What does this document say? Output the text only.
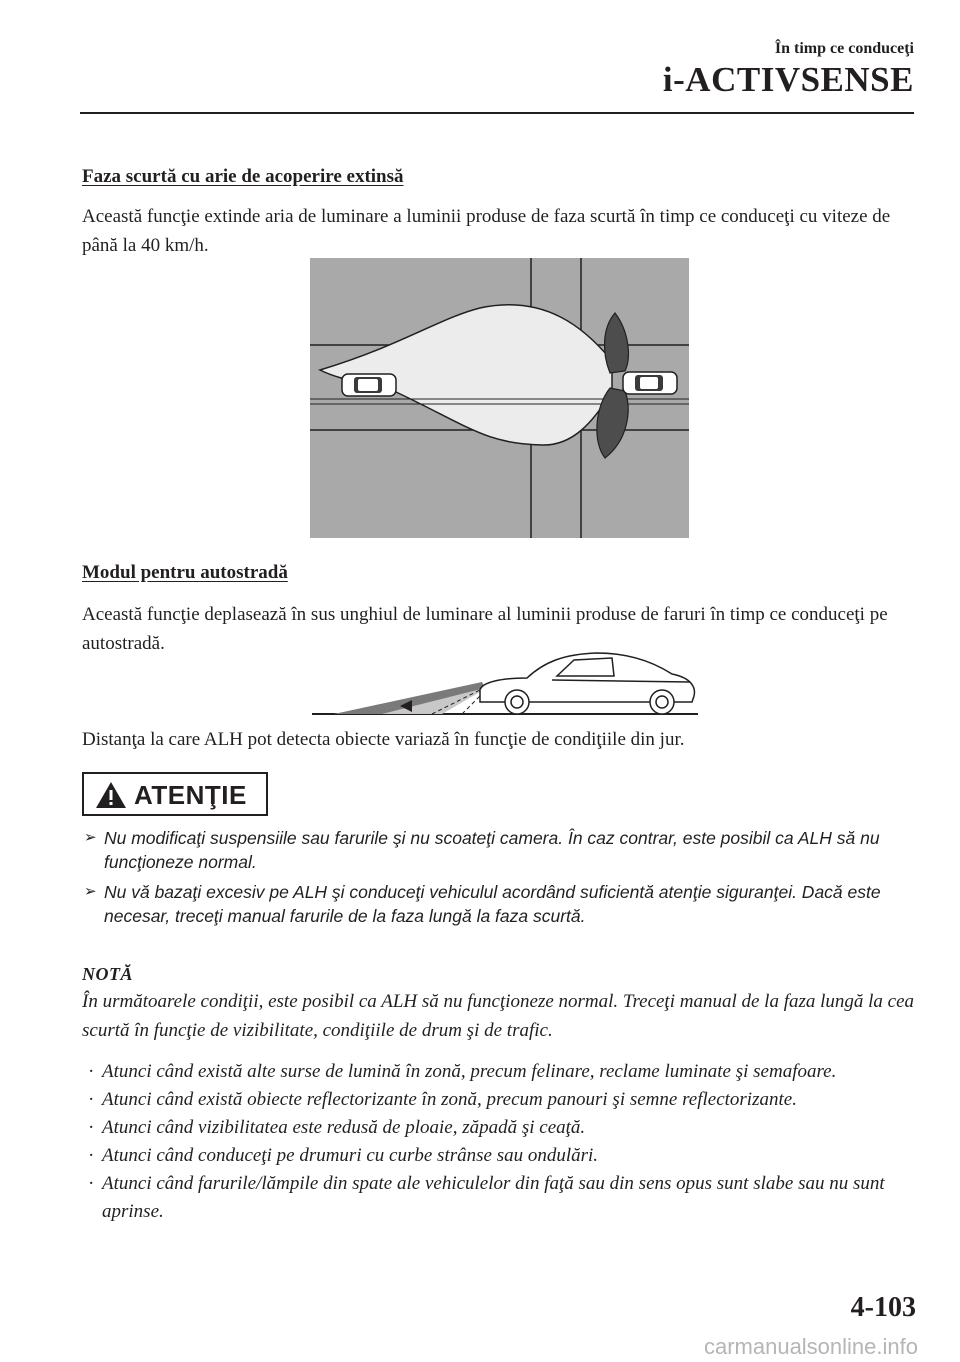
În timp ce conduceţi
i-ACTIVSENSE
Faza scurtă cu arie de acoperire extinsă
Această funcţie extinde aria de luminare a luminii produse de faza scurtă în timp ce conduceţi cu viteze de până la 40 km/h.
Modul pentru autostradă
Această funcţie deplasează în sus unghiul de luminare al luminii produse de faruri în timp ce conduceţi pe autostradă.
Distanţa la care ALH pot detecta obiecte variază în funcţie de condiţiile din jur.
ATENŢIE
➢ Nu modificaţi suspensiile sau farurile şi nu scoateţi camera. În caz contrar, este posibil ca ALH să nu funcţioneze normal.
➢ Nu vă bazaţi excesiv pe ALH şi conduceţi vehiculul acordând suficientă atenţie siguranţei. Dacă este necesar, treceţi manual farurile de la faza lungă la faza scurtă.
NOTĂ
În următoarele condiţii, este posibil ca ALH să nu funcţioneze normal. Treceţi manual de la faza lungă la cea scurtă în funcţie de vizibilitate, condiţiile de drum şi de trafic.
· Atunci când există alte surse de lumină în zonă, precum felinare, reclame luminate şi semafoare.
· Atunci când există obiecte reflectorizante în zonă, precum panouri şi semne reflectorizante.
· Atunci când vizibilitatea este redusă de ploaie, zăpadă şi ceaţă.
· Atunci când conduceţi pe drumuri cu curbe strânse sau ondulări.
· Atunci când farurile/lămpile din spate ale vehiculelor din faţă sau din sens opus sunt slabe sau nu sunt aprinse.
4-103
carmanualsonline.info
